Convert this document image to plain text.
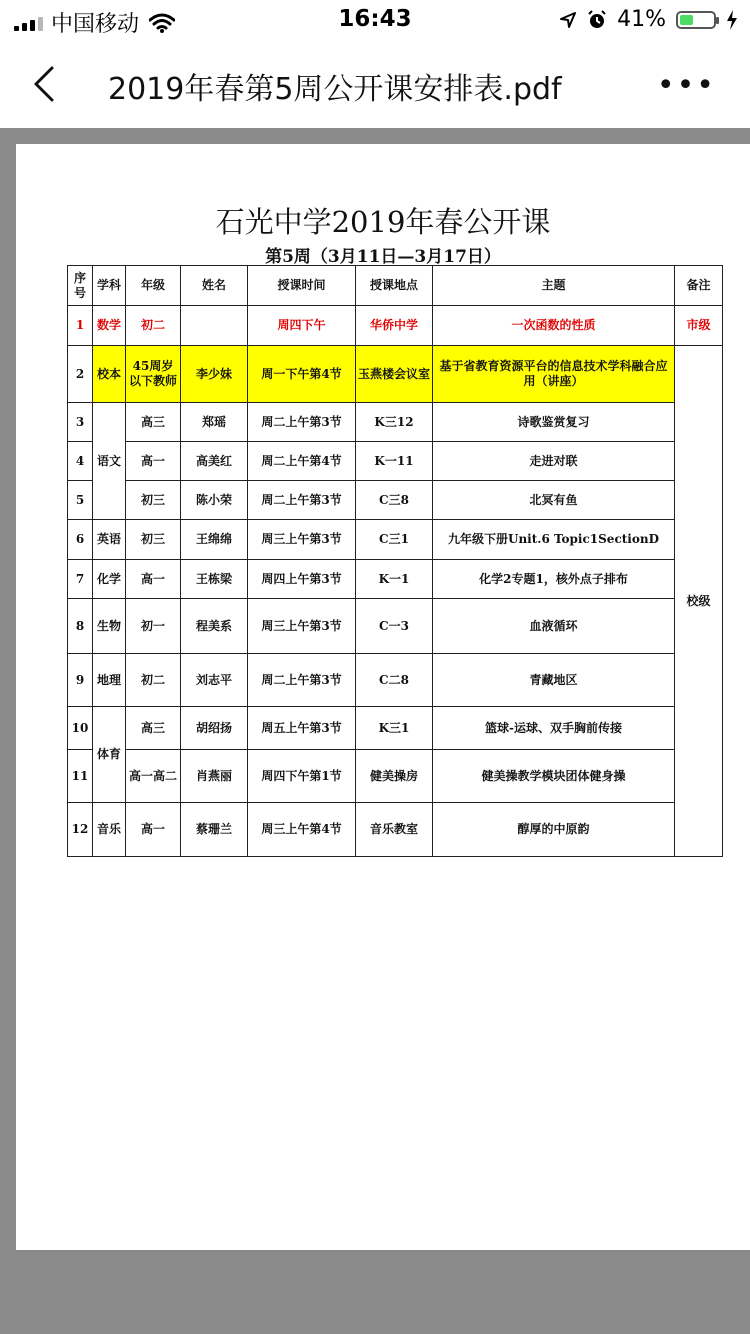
中国移动	16:43	41%
2019年春第5周公开课安排表.pdf	•••
石光中学2019年春公开课
第5周（3月11日—3月17日）
序号	学科	年级	姓名	授课时间	授课地点	主题	备注
1	数学	初二		周四下午	华侨中学	一次函数的性质	市级
2	校本	45周岁以下教师	李少妹	周一下午第4节	玉燕楼会议室	基于省教育资源平台的信息技术学科融合应用（讲座）	校级
3	语文	高三	郑瑶	周二上午第3节	K三12	诗歌鉴赏复习	
4		高一	高美红	周二上午第4节	K一11	走进对联	
5		初三	陈小荣	周二上午第3节	C三8	北冥有鱼	
6	英语	初三	王绵绵	周三上午第3节	C三1	九年级下册Unit.6 Topic1SectionD	
7	化学	高一	王栋梁	周四上午第3节	K一1	化学2专题1，核外点子排布	
8	生物	初一	程美系	周三上午第3节	C一3	血液循环	
9	地理	初二	刘志平	周二上午第3节	C二8	青藏地区	
10	体育	高三	胡绍扬	周五上午第3节	K三1	篮球-运球、双手胸前传接	
11		高一高二	肖燕丽	周四下午第1节	健美操房	健美操教学模块团体健身操	
12	音乐	高一	蔡珊兰	周三上午第4节	音乐教室	醇厚的中原韵	
